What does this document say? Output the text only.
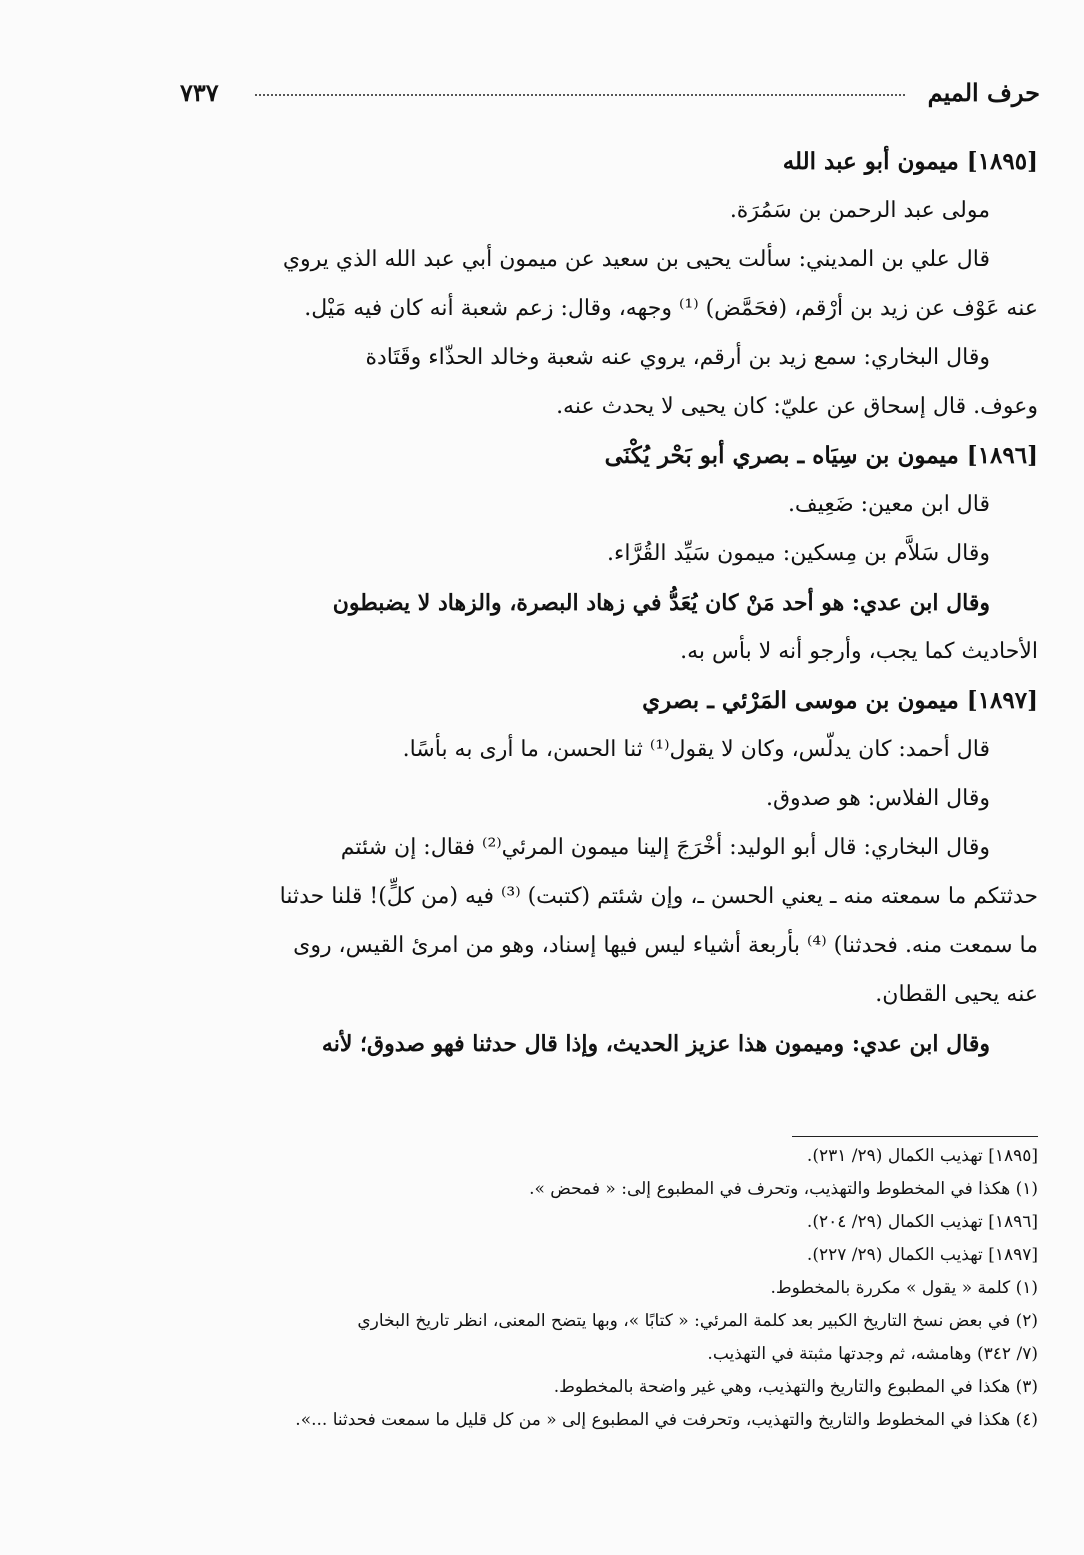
حرف الميم
٧٣٧
[١٨٩٥] ميمون أبو عبد الله
مولى عبد الرحمن بن سَمُرَة.
قال علي بن المديني: سألت يحيى بن سعيد عن ميمون أبي عبد الله الذي يروي
عنه عَوْف عن زيد بن أرْقم، (فحَمَّض) ⁽¹⁾ وجهه، وقال: زعم شعبة أنه كان فيه مَيْل.
وقال البخاري: سمع زيد بن أرقم، يروي عنه شعبة وخالد الحذّاء وقَتَادة
وعوف. قال إسحاق عن عليّ: كان يحيى لا يحدث عنه.
[١٨٩٦] ميمون بن سِيَاه ـ بصري أبو بَحْر يُكْنَى
قال ابن معين: ضَعِيف.
وقال سَلاَّم بن مِسكين: ميمون سَيِّد القُرَّاء.
وقال ابن عدي: هو أحد مَنْ كان يُعَدُّ في زهاد البصرة، والزهاد لا يضبطون
الأحاديث كما يجب، وأرجو أنه لا بأس به.
[١٨٩٧] ميمون بن موسى المَرْئي ـ بصري
قال أحمد: كان يدلّس، وكان لا يقول⁽¹⁾ ثنا الحسن، ما أرى به بأسًا.
وقال الفلاس: هو صدوق.
وقال البخاري: قال أبو الوليد: أخْرَجَ إلينا ميمون المرئي⁽²⁾ فقال: إن شئتم
حدثتكم ما سمعته منه ـ يعني الحسن ـ، وإن شئتم (كتبت) ⁽³⁾ فيه (من كلٍّ)! قلنا حدثنا
ما سمعت منه. فحدثنا) ⁽⁴⁾ بأربعة أشياء ليس فيها إسناد، وهو من امرئ القيس، روى
عنه يحيى القطان.
وقال ابن عدي: وميمون هذا عزيز الحديث، وإذا قال حدثنا فهو صدوق؛ لأنه
[١٨٩٥] تهذيب الكمال (٢٩/ ٢٣١).
(١) هكذا في المخطوط والتهذيب، وتحرف في المطبوع إلى: « فمحض ».
[١٨٩٦] تهذيب الكمال (٢٩/ ٢٠٤).
[١٨٩٧] تهذيب الكمال (٢٩/ ٢٢٧).
(١) كلمة « يقول » مكررة بالمخطوط.
(٢) في بعض نسخ التاريخ الكبير بعد كلمة المرئي: « كتابًا »، وبها يتضح المعنى، انظر تاريخ البخاري
(٧/ ٣٤٢) وهامشه، ثم وجدتها مثبتة في التهذيب.
(٣) هكذا في المطبوع والتاريخ والتهذيب، وهي غير واضحة بالمخطوط.
(٤) هكذا في المخطوط والتاريخ والتهذيب، وتحرفت في المطبوع إلى « من كل قليل ما سمعت فحدثنا ...».
